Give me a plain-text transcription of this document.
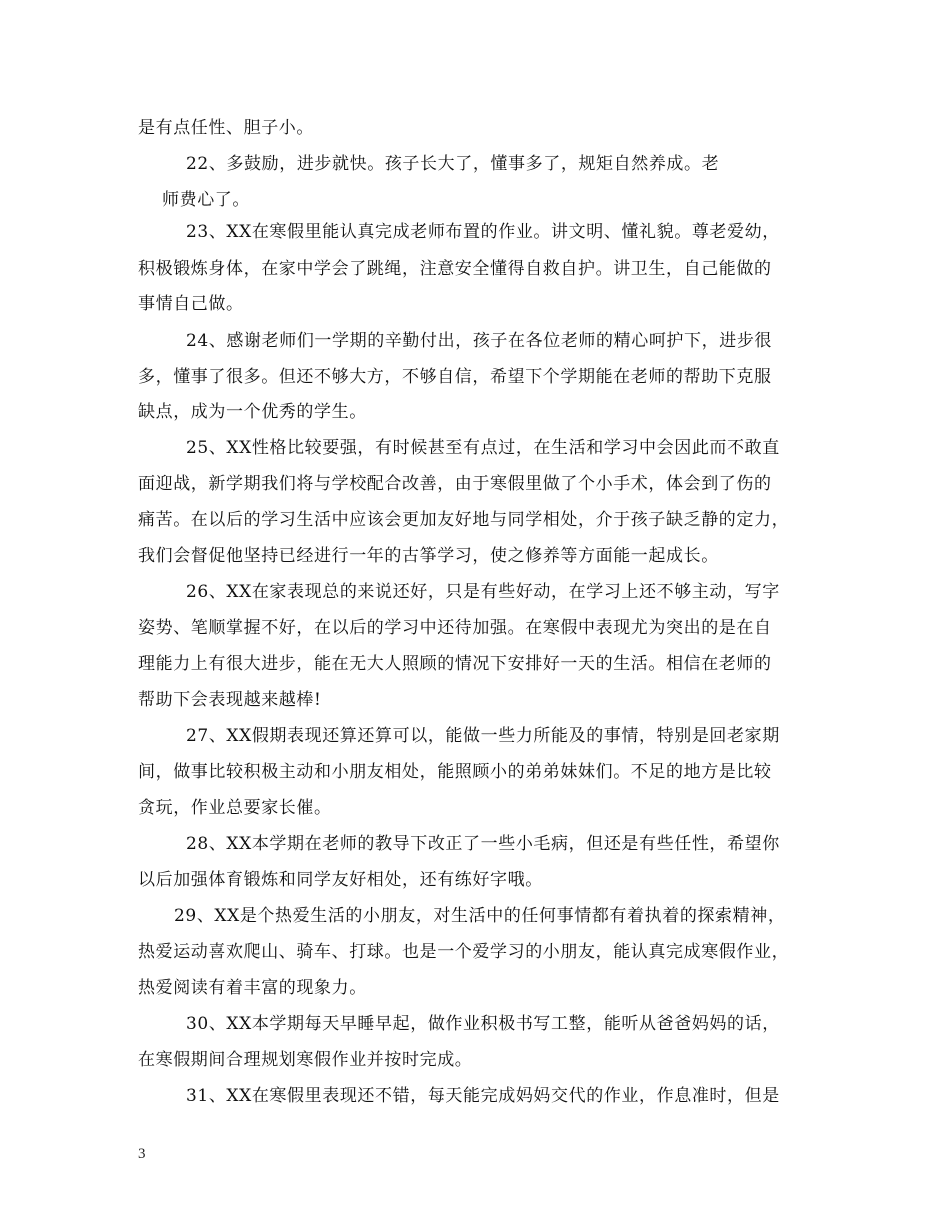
是有点任性、胆子小。
22、多鼓励，进步就快。孩子长大了，懂事多了，规矩自然养成。老
师费心了。
23、XX在寒假里能认真完成老师布置的作业。讲文明、懂礼貌。尊老爱幼，
积极锻炼身体，在家中学会了跳绳，注意安全懂得自救自护。讲卫生，自己能做的
事情自己做。
24、感谢老师们一学期的辛勤付出，孩子在各位老师的精心呵护下，进步很
多，懂事了很多。但还不够大方，不够自信，希望下个学期能在老师的帮助下克服
缺点，成为一个优秀的学生。
25、XX性格比较要强，有时候甚至有点过，在生活和学习中会因此而不敢直
面迎战，新学期我们将与学校配合改善，由于寒假里做了个小手术，体会到了伤的
痛苦。在以后的学习生活中应该会更加友好地与同学相处，介于孩子缺乏静的定力，
我们会督促他坚持已经进行一年的古筝学习，使之修养等方面能一起成长。
26、XX在家表现总的来说还好，只是有些好动，在学习上还不够主动，写字
姿势、笔顺掌握不好，在以后的学习中还待加强。在寒假中表现尤为突出的是在自
理能力上有很大进步，能在无大人照顾的情况下安排好一天的生活。相信在老师的
帮助下会表现越来越棒!
27、XX假期表现还算还算可以，能做一些力所能及的事情，特别是回老家期
间，做事比较积极主动和小朋友相处，能照顾小的弟弟妹妹们。不足的地方是比较
贪玩，作业总要家长催。
28、XX本学期在老师的教导下改正了一些小毛病，但还是有些任性，希望你
以后加强体育锻炼和同学友好相处，还有练好字哦。
29、XX是个热爱生活的小朋友，对生活中的任何事情都有着执着的探索精神，
热爱运动喜欢爬山、骑车、打球。也是一个爱学习的小朋友，能认真完成寒假作业，
热爱阅读有着丰富的现象力。
30、XX本学期每天早睡早起，做作业积极书写工整，能听从爸爸妈妈的话，
在寒假期间合理规划寒假作业并按时完成。
31、XX在寒假里表现还不错，每天能完成妈妈交代的作业，作息准时，但是
3
